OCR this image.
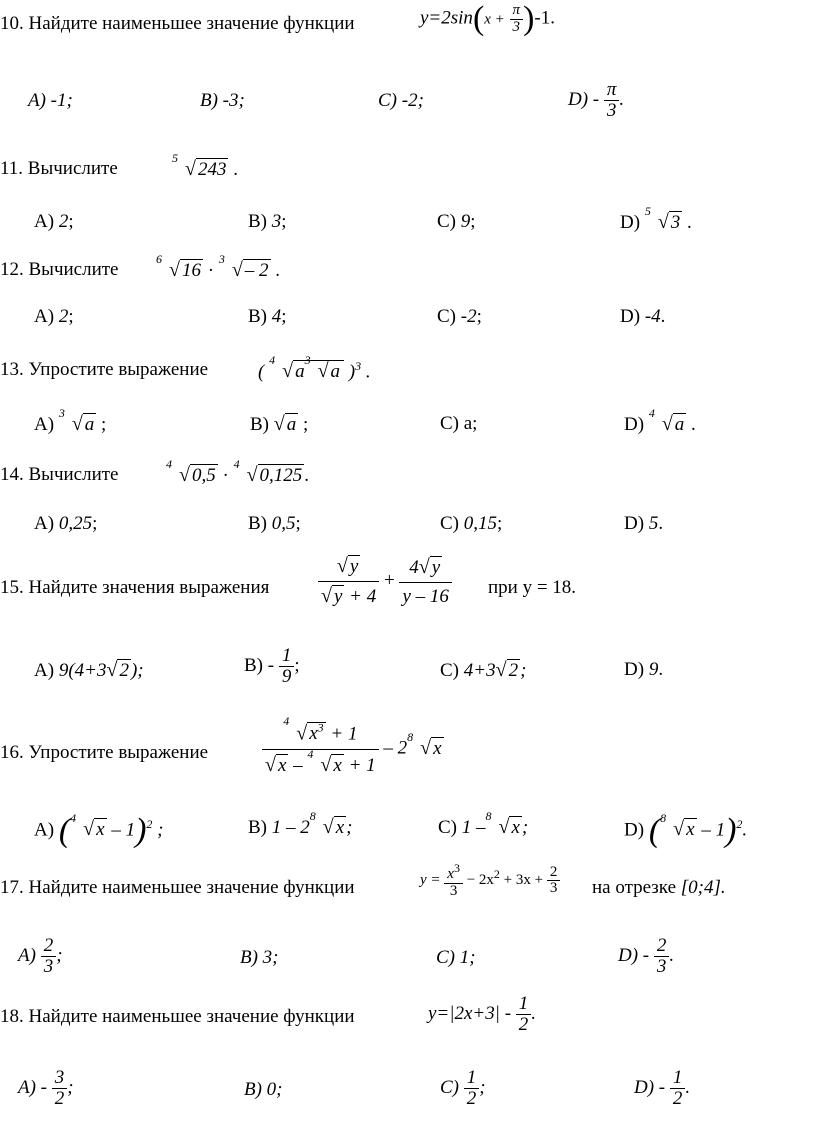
10. Найдите наименьшее значение функции	$y=2\sin(x + \frac{\pi}{3} )-1$.
A) -1;	B) -3;	C) -2;	$D) - \frac{\pi}{3}$ .
11. Вычислите	5 √ 243 .
A) 2;	B) 3;	C) 9;	D)
5 √ 3 .
12. Вычислите	6 √ 16 ·
3 √ – 2 .
A) 2;	B) 4;	C) -2;	D) -4.
13. Упростите выражение	(
4 √ a
3 √ a )$^3$ .
A)
3 √ a ;	B) √ a ;	C) a;	D)
4 √ a .
14. Вычислите	4 √ 0,5 ·
4 √ 0,125 .
A) 0,25;	B) 0,5;	C) 0,15;	D) 5.
15. Найдите значения выражения $\frac{√ y}{√ y + 4} + \frac{4√ y}{y - 16}$ при у = 18.
A) 9(4+3√ 2 );	$B) - \frac{1}{9}$ ;	C) 4+3√ 2 ;	D) 9.
16. Упростите выражение	4
√ $x^3 + 1$
√ x –
4 √ x + 1 – 2
8 √ x
A) ( 4 √ x – 1)$^2$ ;	B) 1 – 2
8 √ x ;	C) 1 –
8 √ x ;	D) ( 8 √ x – 1)$^2$.
17. Найдите наименьшее значение функции	$y = \frac{x^3}{3} - 2x^2 + 3x + \frac{2}{3}$ на отрезке [0;4].
$A) \frac{2}{3}$ ;	B) 3;	C) 1;	$D) - \frac{2}{3}$ .
18. Найдите наименьшее значение функции	$y=|2x+3| - \frac{1}{2}$ .
$A) - \frac{3}{2}$ ;	B) 0;	$C) \frac{1}{2}$ ;	$D) - \frac{1}{2}$ .
